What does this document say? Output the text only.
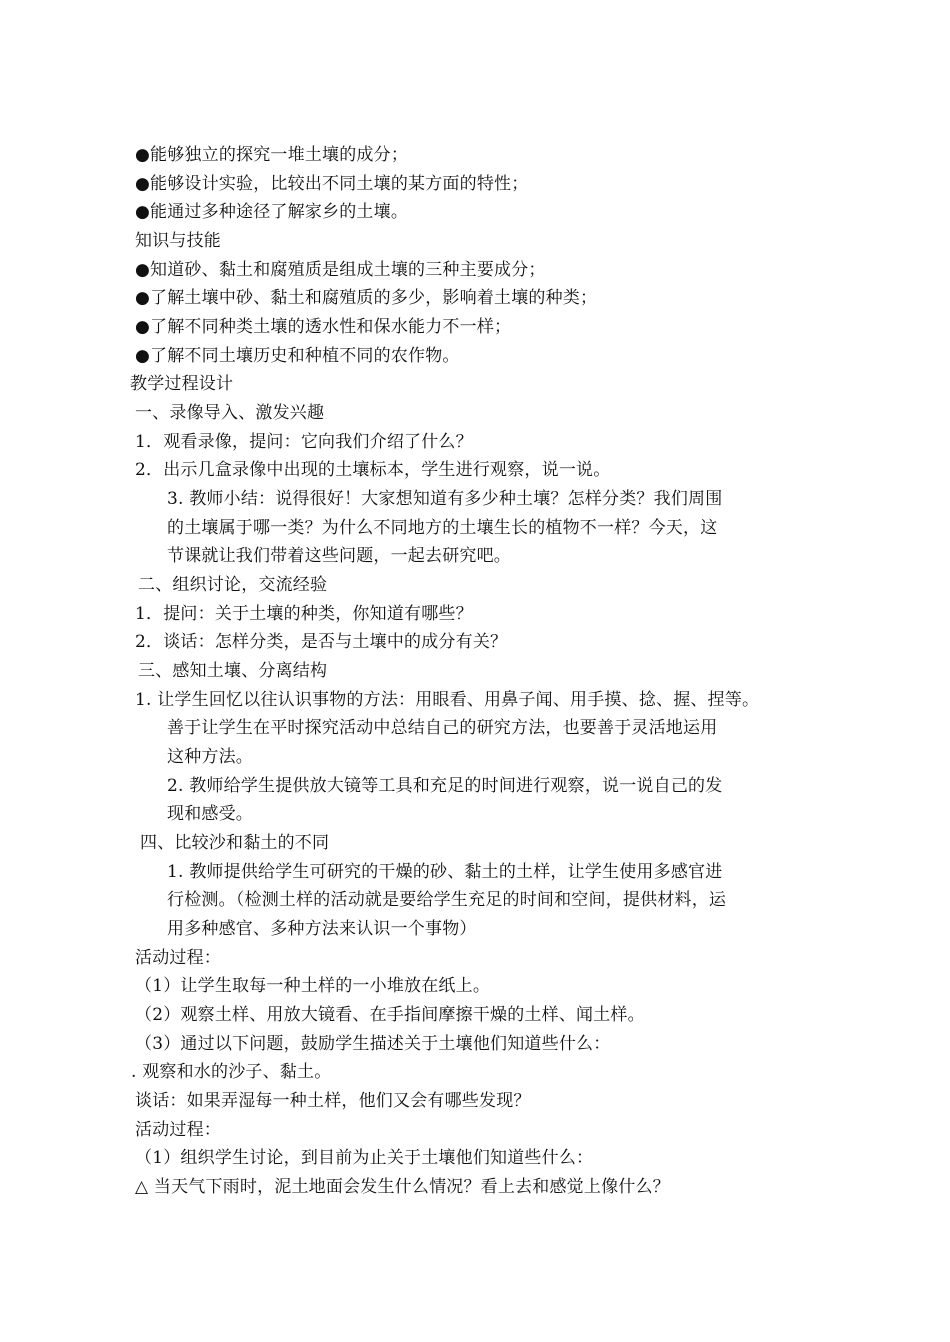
●能够独立的探究一堆土壤的成分；
●能够设计实验，比较出不同土壤的某方面的特性；
●能通过多种途径了解家乡的土壤。
知识与技能
●知道砂、黏土和腐殖质是组成土壤的三种主要成分；
●了解土壤中砂、黏土和腐殖质的多少，影响着土壤的种类；
●了解不同种类土壤的透水性和保水能力不一样；
●了解不同土壤历史和种植不同的农作物。
教学过程设计
一、录像导入、激发兴趣
1．观看录像，提问：它向我们介绍了什么？
2．出示几盒录像中出现的土壤标本，学生进行观察，说一说。
3. 教师小结：说得很好！大家想知道有多少种土壤？怎样分类？我们周围
的土壤属于哪一类？为什么不同地方的土壤生长的植物不一样？今天，这
节课就让我们带着这些问题，一起去研究吧。
二、组织讨论，交流经验
1．提问：关于土壤的种类，你知道有哪些？
2．谈话：怎样分类，是否与土壤中的成分有关？
三、感知土壤、分离结构
1. 让学生回忆以往认识事物的方法：用眼看、用鼻子闻、用手摸、捻、握、捏等。
善于让学生在平时探究活动中总结自己的研究方法，也要善于灵活地运用
这种方法。
2. 教师给学生提供放大镜等工具和充足的时间进行观察，说一说自己的发
现和感受。
四、比较沙和黏土的不同
1. 教师提供给学生可研究的干燥的砂、黏土的土样，让学生使用多感官进
行检测。（检测土样的活动就是要给学生充足的时间和空间，提供材料，运
用多种感官、多种方法来认识一个事物）
活动过程：
（1）让学生取每一种土样的一小堆放在纸上。
（2）观察土样、用放大镜看、在手指间摩擦干燥的土样、闻土样。
（3）通过以下问题，鼓励学生描述关于土壤他们知道些什么：
. 观察和水的沙子、黏土。
谈话：如果弄湿每一种土样，他们又会有哪些发现？
活动过程：
（1）组织学生讨论，到目前为止关于土壤他们知道些什么：
△ 当天气下雨时，泥土地面会发生什么情况？看上去和感觉上像什么？
